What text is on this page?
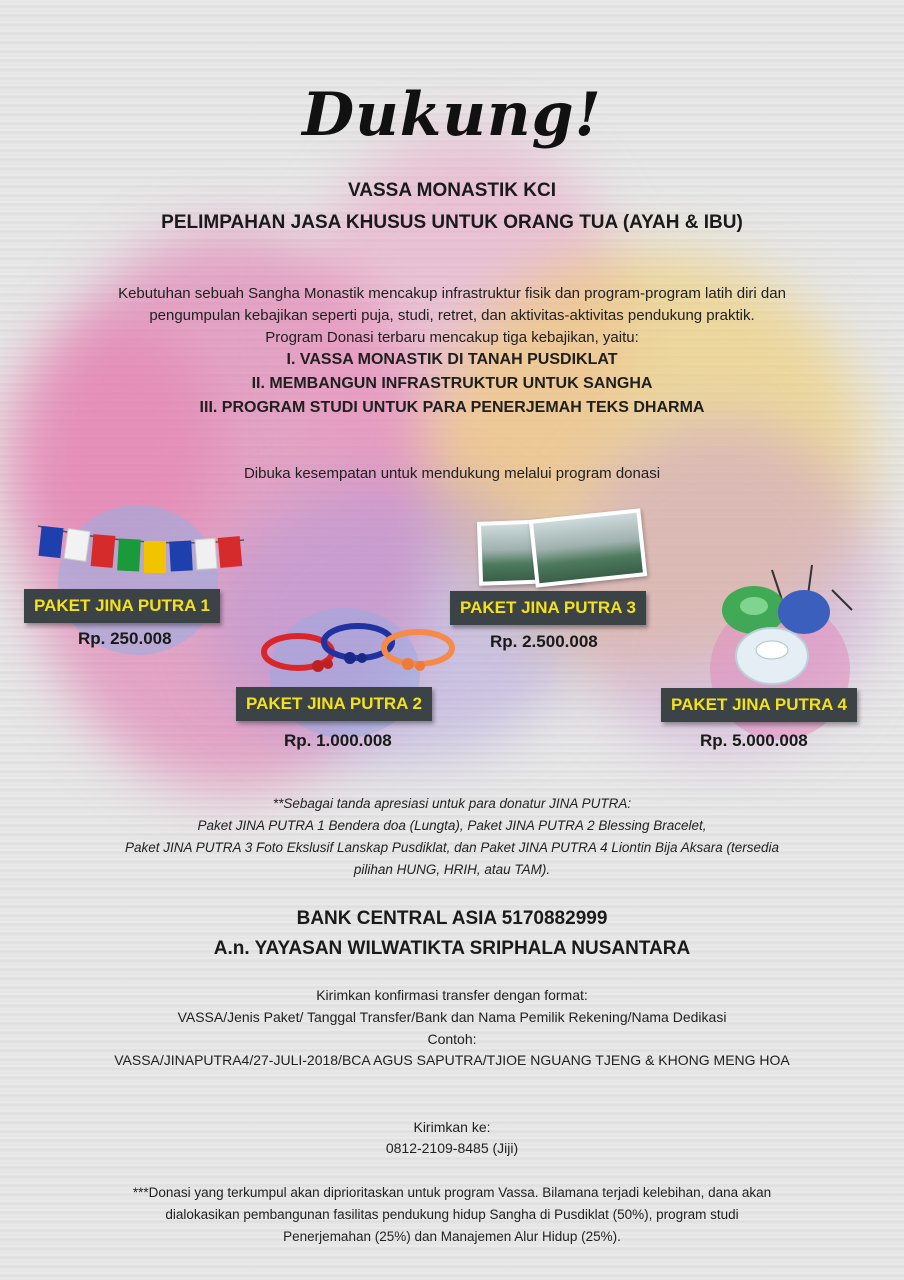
Dukung!
VASSA MONASTIK KCI
PELIMPAHAN JASA KHUSUS UNTUK ORANG TUA (AYAH & IBU)
Kebutuhan sebuah Sangha Monastik mencakup infrastruktur fisik dan program-program latih diri dan
pengumpulan kebajikan seperti puja, studi, retret, dan aktivitas-aktivitas pendukung praktik.
Program Donasi terbaru mencakup tiga kebajikan, yaitu:
I. VASSA MONASTIK DI TANAH PUSDIKLAT
II. MEMBANGUN INFRASTRUKTUR UNTUK SANGHA
III. PROGRAM STUDI UNTUK PARA PENERJEMAH TEKS DHARMA
Dibuka kesempatan untuk mendukung melalui program donasi
PAKET JINA PUTRA 1
Rp. 250.008
PAKET JINA PUTRA 2
Rp. 1.000.008
PAKET JINA PUTRA 3
Rp. 2.500.008
PAKET JINA PUTRA 4
Rp. 5.000.008
**Sebagai tanda apresiasi untuk para donatur JINA PUTRA:
Paket JINA PUTRA 1 Bendera doa (Lungta), Paket JINA PUTRA 2 Blessing Bracelet,
Paket JINA PUTRA 3 Foto Ekslusif Lanskap Pusdiklat, dan Paket JINA PUTRA 4 Liontin Bija Aksara (tersedia
pilihan HUNG, HRIH, atau TAM).
BANK CENTRAL ASIA 5170882999
A.n. YAYASAN WILWATIKTA SRIPHALA NUSANTARA
Kirimkan konfirmasi transfer dengan format:
VASSA/Jenis Paket/ Tanggal Transfer/Bank dan Nama Pemilik Rekening/Nama Dedikasi
Contoh:
VASSA/JINAPUTRA4/27-JULI-2018/BCA AGUS SAPUTRA/TJIOE NGUANG TJENG & KHONG MENG HOA
Kirimkan ke:
0812-2109-8485 (Jiji)
***Donasi yang terkumpul akan diprioritaskan untuk program Vassa. Bilamana terjadi kelebihan, dana akan
dialokasikan pembangunan fasilitas pendukung hidup Sangha di Pusdiklat (50%), program studi
Penerjemahan (25%) dan Manajemen Alur Hidup (25%).
